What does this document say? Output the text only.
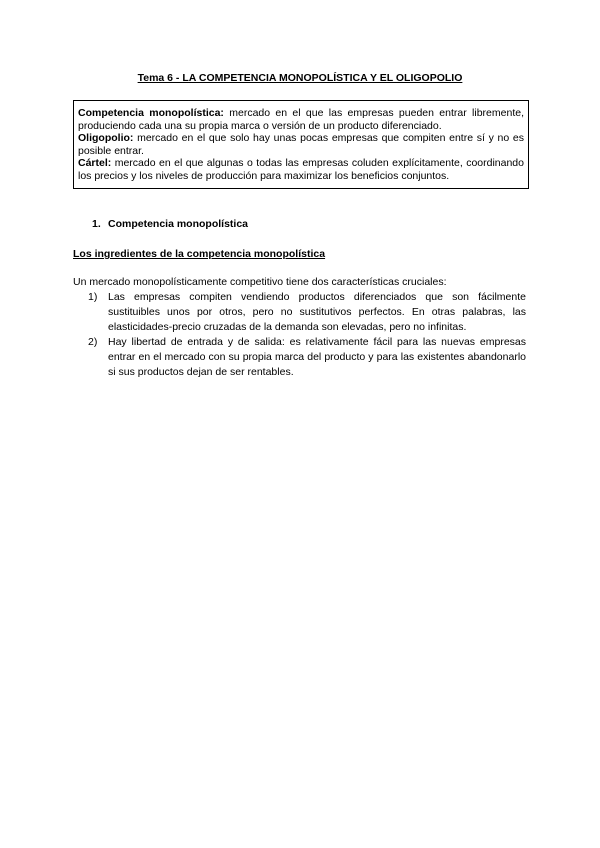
Tema 6 - LA COMPETENCIA MONOPOLÍSTICA Y EL OLIGOPOLIO

Competencia monopolística: mercado en el que las empresas pueden entrar libremente, produciendo cada una su propia marca o versión de un producto diferenciado.

Oligopolio: mercado en el que solo hay unas pocas empresas que compiten entre sí y no es posible entrar.

Cártel: mercado en el que algunas o todas las empresas coluden explícitamente, coordinando los precios y los niveles de producción para maximizar los beneficios conjuntos.

1. Competencia monopolística
Los ingredientes de la competencia monopolística
Un mercado monopolísticamente competitivo tiene dos características cruciales:
1) Las empresas compiten vendiendo productos diferenciados que son fácilmente sustituibles unos por otros, pero no sustitutivos perfectos. En otras palabras, las elasticidades-precio cruzadas de la demanda son elevadas, pero no infinitas.
2) Hay libertad de entrada y de salida: es relativamente fácil para las nuevas empresas entrar en el mercado con su propia marca del producto y para las existentes abandonarlo si sus productos dejan de ser rentables.
